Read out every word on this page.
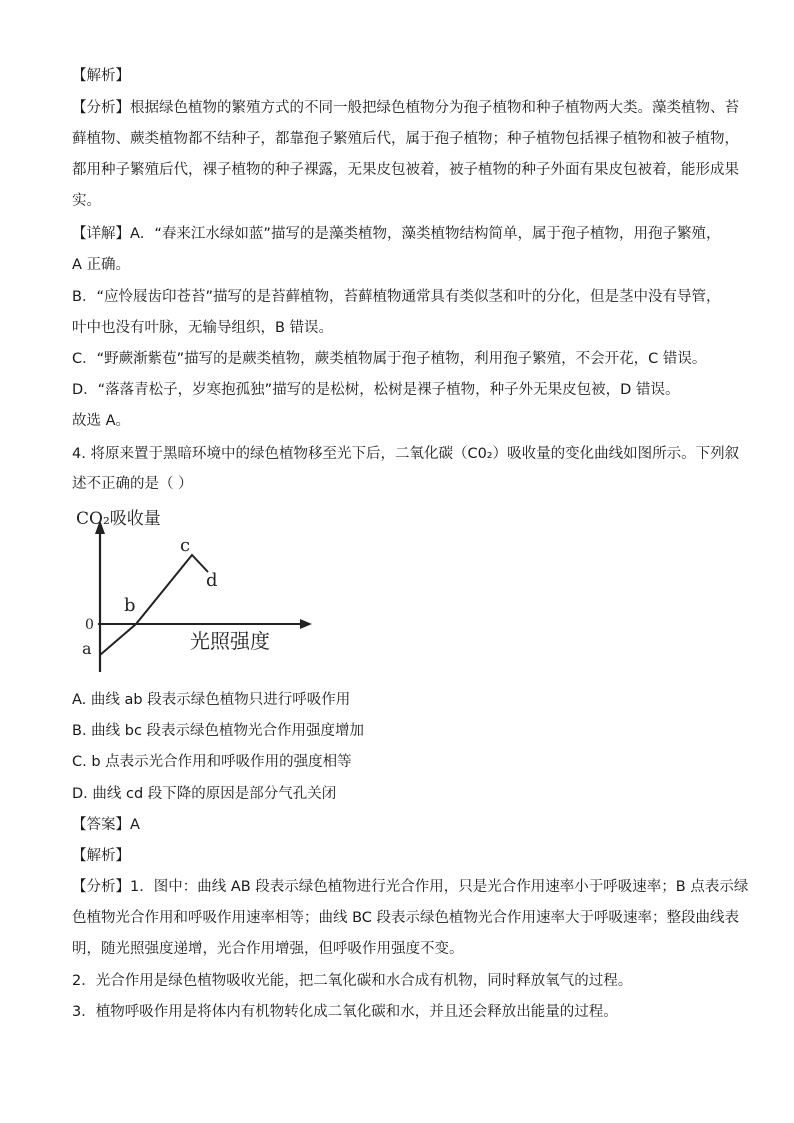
【解析】
【分析】根据绿色植物的繁殖方式的不同一般把绿色植物分为孢子植物和种子植物两大类。藻类植物、苔
藓植物、蕨类植物都不结种子，都靠孢子繁殖后代，属于孢子植物；种子植物包括裸子植物和被子植物，
都用种子繁殖后代，裸子植物的种子裸露，无果皮包被着，被子植物的种子外面有果皮包被着，能形成果
实。
【详解】A．“春来江水绿如蓝”描写的是藻类植物，藻类植物结构简单，属于孢子植物，用孢子繁殖，
A 正确。
B．“应怜屐齿印苍苔”描写的是苔藓植物，苔藓植物通常具有类似茎和叶的分化，但是茎中没有导管，
叶中也没有叶脉，无输导组织，B 错误。
C．“野蕨渐紫苞”描写的是蕨类植物，蕨类植物属于孢子植物，利用孢子繁殖，不会开花，C 错误。
D．“落落青松子，岁寒抱孤独”描写的是松树，松树是裸子植物，种子外无果皮包被，D 错误。
故选 A。
4. 将原来置于黑暗环境中的绿色植物移至光下后，二氧化碳（C0₂）吸收量的变化曲线如图所示。下列叙
述不正确的是（ ）
CO₂吸收量
光照强度
0
a
b
c
d
A. 曲线 ab 段表示绿色植物只进行呼吸作用
B. 曲线 bc 段表示绿色植物光合作用强度增加
C. b 点表示光合作用和呼吸作用的强度相等
D. 曲线 cd 段下降的原因是部分气孔关闭
【答案】A
【解析】
【分析】1．图中：曲线 AB 段表示绿色植物进行光合作用，只是光合作用速率小于呼吸速率；B 点表示绿
色植物光合作用和呼吸作用速率相等；曲线 BC 段表示绿色植物光合作用速率大于呼吸速率；整段曲线表
明，随光照强度递增，光合作用增强，但呼吸作用强度不变。
2．光合作用是绿色植物吸收光能，把二氧化碳和水合成有机物，同时释放氧气的过程。
3．植物呼吸作用是将体内有机物转化成二氧化碳和水，并且还会释放出能量的过程。
